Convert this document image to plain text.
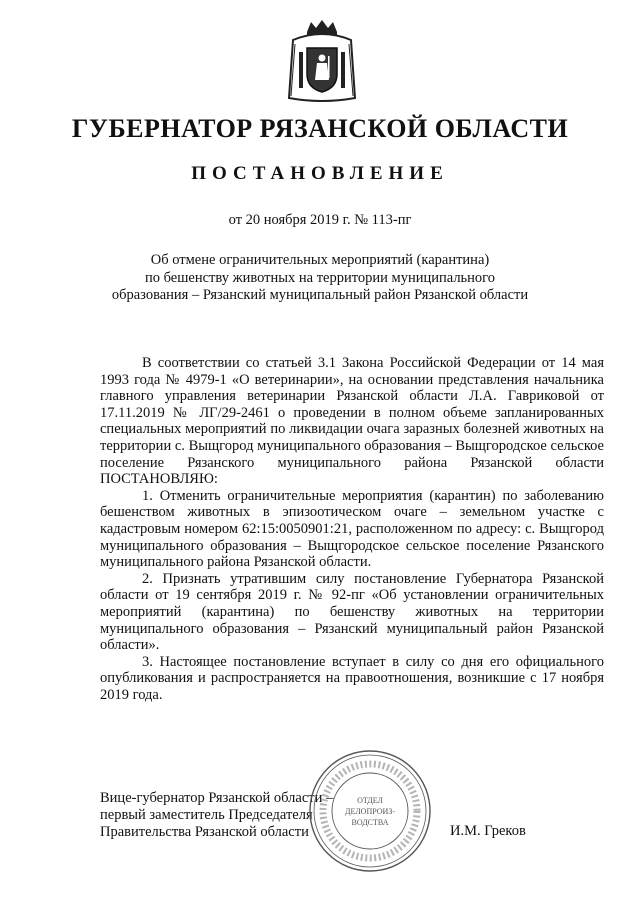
ГУБЕРНАТОР РЯЗАНСКОЙ ОБЛАСТИ
ПОСТАНОВЛЕНИЕ
от 20 ноября 2019 г. № 113-пг
Об отмене ограничительных мероприятий (карантина)
по бешенству животных на территории муниципального
образования – Рязанский муниципальный район Рязанской области

В соответствии со статьей 3.1 Закона Российской Федерации от 14 мая 1993 года № 4979-1 «О ветеринарии», на основании представления начальника главного управления ветеринарии Рязанской области Л.А. Гавриковой от 17.11.2019 № ЛГ/29-2461 о проведении в полном объеме запланированных специальных мероприятий по ликвидации очага заразных болезней животных на территории с. Выщгород муниципального образования – Выщгородское сельское поселение Рязанского муниципального района Рязанской области ПОСТАНОВЛЯЮ:

1. Отменить ограничительные мероприятия (карантин) по заболеванию бешенством животных в эпизоотическом очаге – земельном участке с кадастровым номером 62:15:0050901:21, расположенном по адресу: с. Выщгород муниципального образования – Выщгородское сельское поселение Рязанского муниципального района Рязанской области.

2. Признать утратившим силу постановление Губернатора Рязанской области от 19 сентября 2019 г. № 92-пг «Об установлении ограничительных мероприятий (карантина) по бешенству животных на территории муниципального образования – Рязанский муниципальный район Рязанской области».

3. Настоящее постановление вступает в силу со дня его официального опубликования и распространяется на правоотношения, возникшие с 17 ноября 2019 года.

Вице-губернатор Рязанской области –
первый заместитель Председателя
Правительства Рязанской области	И.М. Греков
ОТДЕЛ
ДЕЛОПРОИЗ-
ВОДСТВА
